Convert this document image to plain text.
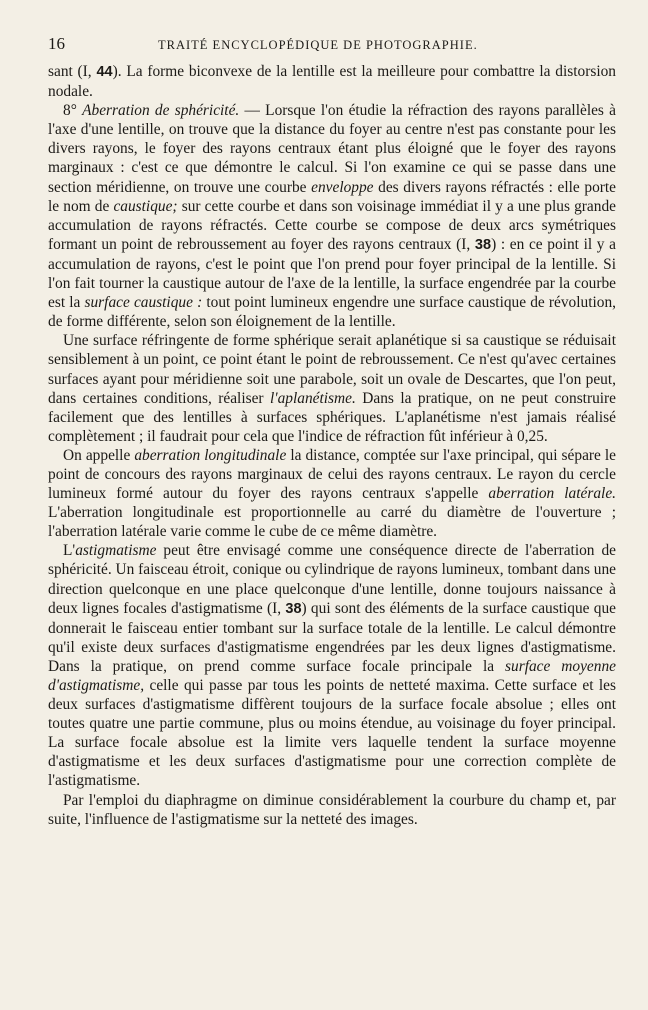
16	TRAITÉ ENCYCLOPÉDIQUE DE PHOTOGRAPHIE.

sant (I, 44). La forme biconvexe de la lentille est la meilleure pour combattre la distorsion nodale.

8° Aberration de sphéricité. — Lorsque l'on étudie la réfraction des rayons parallèles à l'axe d'une lentille, on trouve que la distance du foyer au centre n'est pas constante pour les divers rayons, le foyer des rayons centraux étant plus éloigné que le foyer des rayons marginaux : c'est ce que démontre le calcul. Si l'on examine ce qui se passe dans une section méridienne, on trouve une courbe enveloppe des divers rayons réfractés : elle porte le nom de caustique; sur cette courbe et dans son voisinage immédiat il y a une plus grande accumulation de rayons réfractés. Cette courbe se compose de deux arcs symétriques formant un point de rebroussement au foyer des rayons centraux (I, 38) : en ce point il y a accumulation de rayons, c'est le point que l'on prend pour foyer principal de la lentille. Si l'on fait tourner la caustique autour de l'axe de la lentille, la surface engendrée par la courbe est la surface caustique : tout point lumineux engendre une surface caustique de révolution, de forme différente, selon son éloignement de la lentille.

Une surface réfringente de forme sphérique serait aplanétique si sa caustique se réduisait sensiblement à un point, ce point étant le point de rebroussement. Ce n'est qu'avec certaines surfaces ayant pour méridienne soit une parabole, soit un ovale de Descartes, que l'on peut, dans certaines conditions, réaliser l'aplanétisme. Dans la pratique, on ne peut construire facilement que des lentilles à surfaces sphériques. L'aplanétisme n'est jamais réalisé complètement ; il faudrait pour cela que l'indice de réfraction fût inférieur à 0,25.

On appelle aberration longitudinale la distance, comptée sur l'axe principal, qui sépare le point de concours des rayons marginaux de celui des rayons centraux. Le rayon du cercle lumineux formé autour du foyer des rayons centraux s'appelle aberration latérale. L'aberration longitudinale est proportionnelle au carré du diamètre de l'ouverture ; l'aberration latérale varie comme le cube de ce même diamètre.

L'astigmatisme peut être envisagé comme une conséquence directe de l'aberration de sphéricité. Un faisceau étroit, conique ou cylindrique de rayons lumineux, tombant dans une direction quelconque en une place quelconque d'une lentille, donne toujours naissance à deux lignes focales d'astigmatisme (I, 38) qui sont des éléments de la surface caustique que donnerait le faisceau entier tombant sur la surface totale de la lentille. Le calcul démontre qu'il existe deux surfaces d'astigmatisme engendrées par les deux lignes d'astigmatisme. Dans la pratique, on prend comme surface focale principale la surface moyenne d'astigmatisme, celle qui passe par tous les points de netteté maxima. Cette surface et les deux surfaces d'astigmatisme diffèrent toujours de la surface focale absolue ; elles ont toutes quatre une partie commune, plus ou moins étendue, au voisinage du foyer principal. La surface focale absolue est la limite vers laquelle tendent la surface moyenne d'astigmatisme et les deux surfaces d'astigmatisme pour une correction complète de l'astigmatisme.

Par l'emploi du diaphragme on diminue considérablement la courbure du champ et, par suite, l'influence de l'astigmatisme sur la netteté des images.
